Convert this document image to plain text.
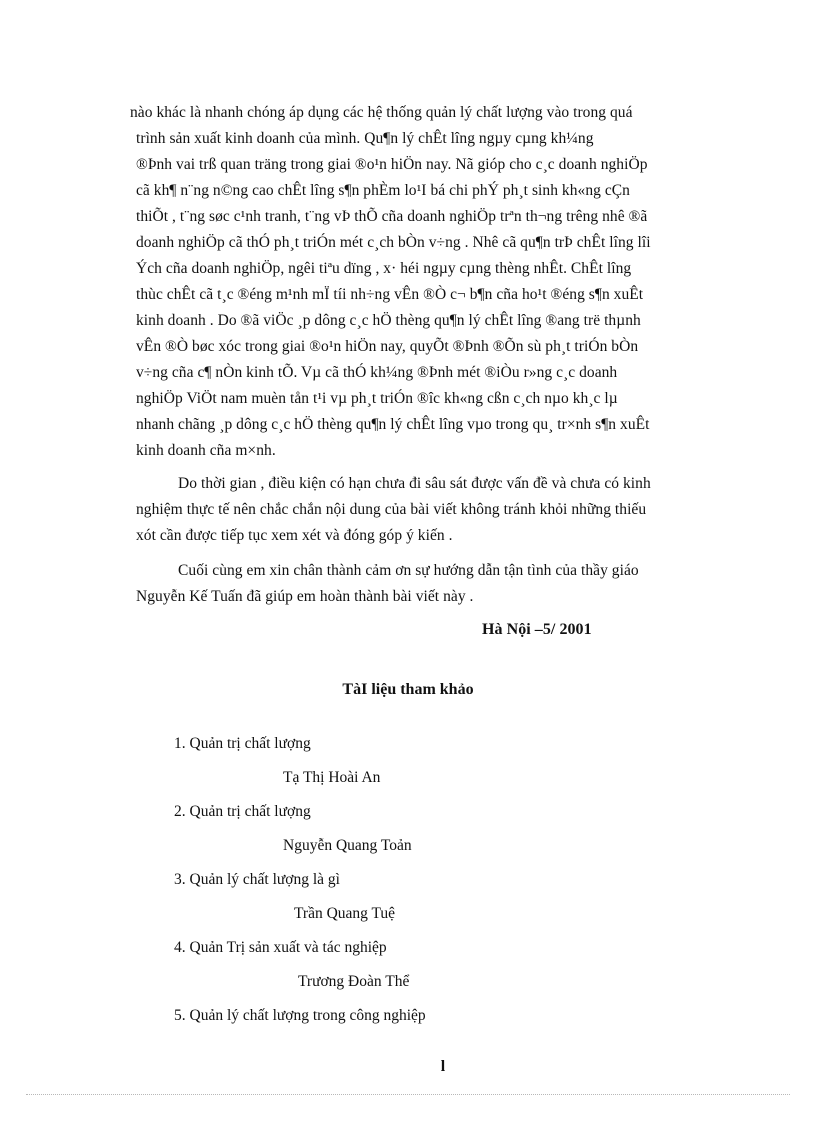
nào khác là nhanh chóng áp dụng các hệ thống quản lý chất lượng vào trong quá
trình sản xuất kinh doanh của mình. Qu¶n lý chÊt lîng ngµy cµng kh¼ng
®Þnh vai trß quan träng trong giai ®o¹n hiÖn nay. Nã gióp cho c¸c doanh nghiÖp
cã kh¶ n¨ng n©ng cao chÊt lîng s¶n phÈm lo¹I bá chi phÝ ph¸t sinh kh«ng cÇn
thiÕt , t¨ng søc c¹nh tranh, t¨ng vÞ thÕ cña doanh nghiÖp trªn th¬ng trêng nhê ®ã
doanh nghiÖp cã thÓ ph¸t triÓn mét c¸ch bÒn v÷ng . Nhê cã qu¶n trÞ chÊt lîng lîi
Ých cña doanh nghiÖp, ngêi tiªu dïng , x· héi ngµy cµng thèng nhÊt. ChÊt lîng
thùc chÊt cã t¸c ®éng m¹nh mÏ tíi nh÷ng vÊn ®Ò c¬ b¶n cña ho¹t ®éng s¶n xuÊt
kinh doanh . Do ®ã viÖc ¸p dông c¸c hÖ thèng qu¶n lý chÊt lîng ®ang trë thµnh
vÊn ®Ò bøc xóc trong giai ®o¹n hiÖn nay, quyÕt ®Þnh ®Õn sù ph¸t triÓn bÒn
v÷ng cña c¶ nÒn kinh tÕ. Vµ cã thÓ kh¼ng ®Þnh mét ®iÒu r»ng c¸c doanh
nghiÖp ViÖt nam muèn tån t¹i vµ ph¸t triÓn ®îc kh«ng cßn c¸ch nµo kh¸c lµ
nhanh chãng ¸p dông c¸c hÖ thèng qu¶n lý chÊt lîng vµo trong qu¸ tr×nh s¶n xuÊt
kinh doanh cña m×nh.
Do thời gian , điều kiện có hạn chưa đi sâu sát được vấn đề và chưa có kinh
nghiệm thực tế nên chắc chắn nội dung của bài viết không tránh khỏi những thiếu
xót cần được tiếp tục xem xét và đóng góp ý kiến .
Cuối cùng em xin chân thành cảm ơn sự hướng dẫn tận tình của thầy giáo
Nguyễn Kế Tuấn đã giúp em hoàn thành bài viết này .
Hà Nội –5/ 2001
TàI liệu tham khảo
1. Quản trị chất lượng
Tạ Thị Hoài An
2. Quản trị chất lượng
Nguyễn Quang Toản
3. Quản lý chất lượng là gì
Trần Quang Tuệ
4. Quản Trị sản xuất và tác nghiệp
Trương Đoàn Thể
5. Quản lý chất lượng trong công nghiệp
l
